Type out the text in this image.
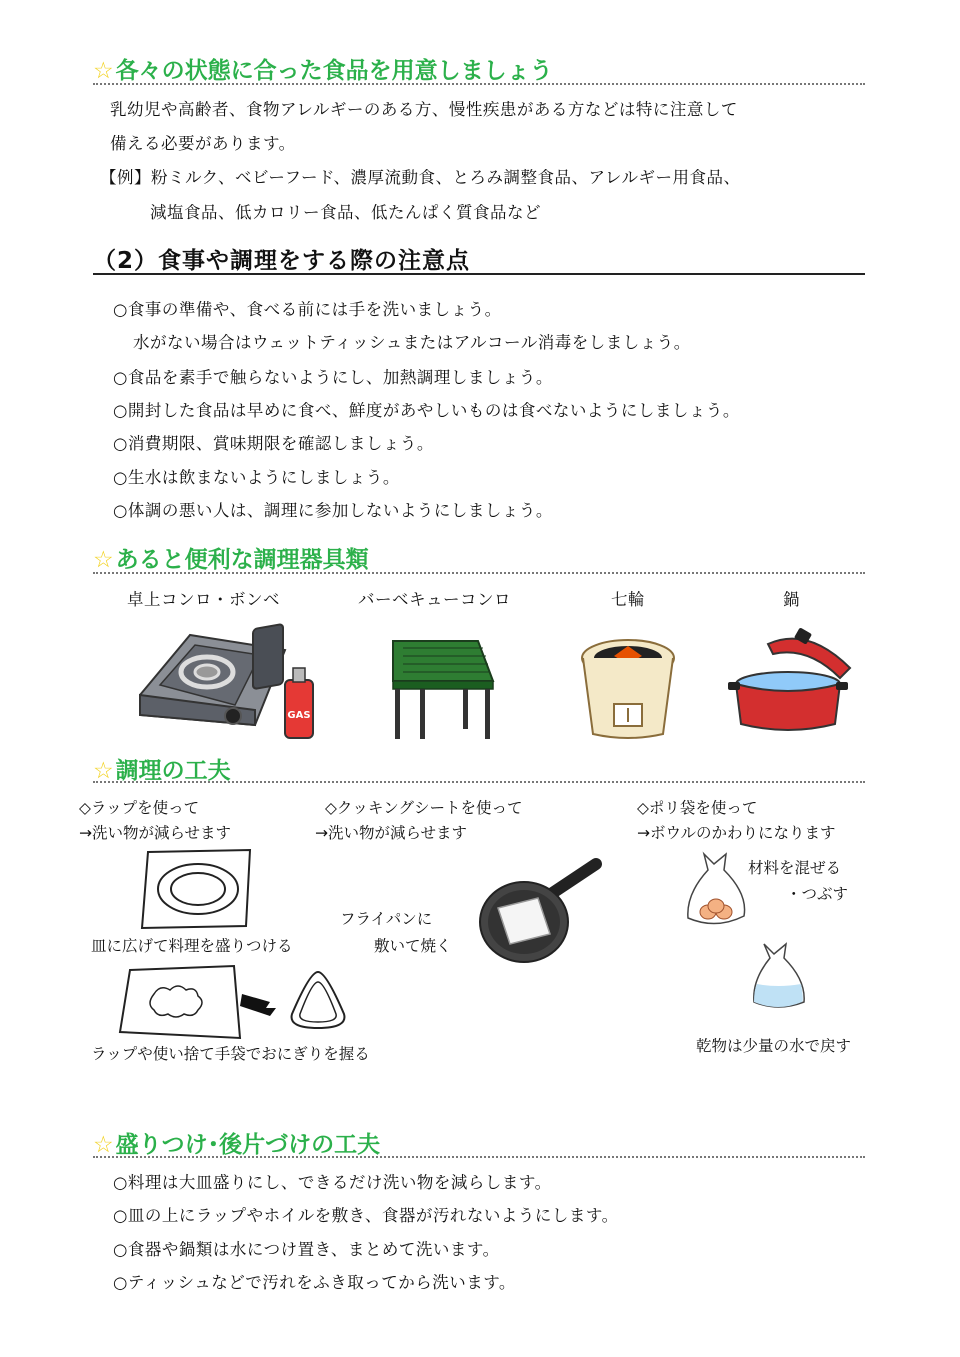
☆各々の状態に合った食品を用意しましょう
乳幼児や高齢者、食物アレルギーのある方、慢性疾患がある方などは特に注意して
備える必要があります。
【例】粉ミルク、ベビーフード、濃厚流動食、とろみ調整食品、アレルギー用食品、
減塩食品、低カロリー食品、低たんぱく質食品など
（2）食事や調理をする際の注意点
○食事の準備や、食べる前には手を洗いましょう。
水がない場合はウェットティッシュまたはアルコール消毒をしましょう。
○食品を素手で触らないようにし、加熱調理しましょう。
○開封した食品は早めに食べ、鮮度があやしいものは食べないようにしましょう。
○消費期限、賞味期限を確認しましょう。
○生水は飲まないようにしましょう。
○体調の悪い人は、調理に参加しないようにしましょう。
☆あると便利な調理器具類
卓上コンロ・ボンベ	バーベキューコンロ	七輪	鍋
GAS
☆調理の工夫
◇ラップを使って
→洗い物が減らせます
◇クッキングシートを使って
→洗い物が減らせます
◇ポリ袋を使って
→ボウルのかわりになります
皿に広げて料理を盛りつける
フライパンに
敷いて焼く
材料を混ぜる
・つぶす
ラップや使い捨て手袋でおにぎりを握る	乾物は少量の水で戻す
☆盛りつけ･後片づけの工夫
○料理は大皿盛りにし、できるだけ洗い物を減らします。
○皿の上にラップやホイルを敷き、食器が汚れないようにします。
○食器や鍋類は水につけ置き、まとめて洗います。
○ティッシュなどで汚れをふき取ってから洗います。
